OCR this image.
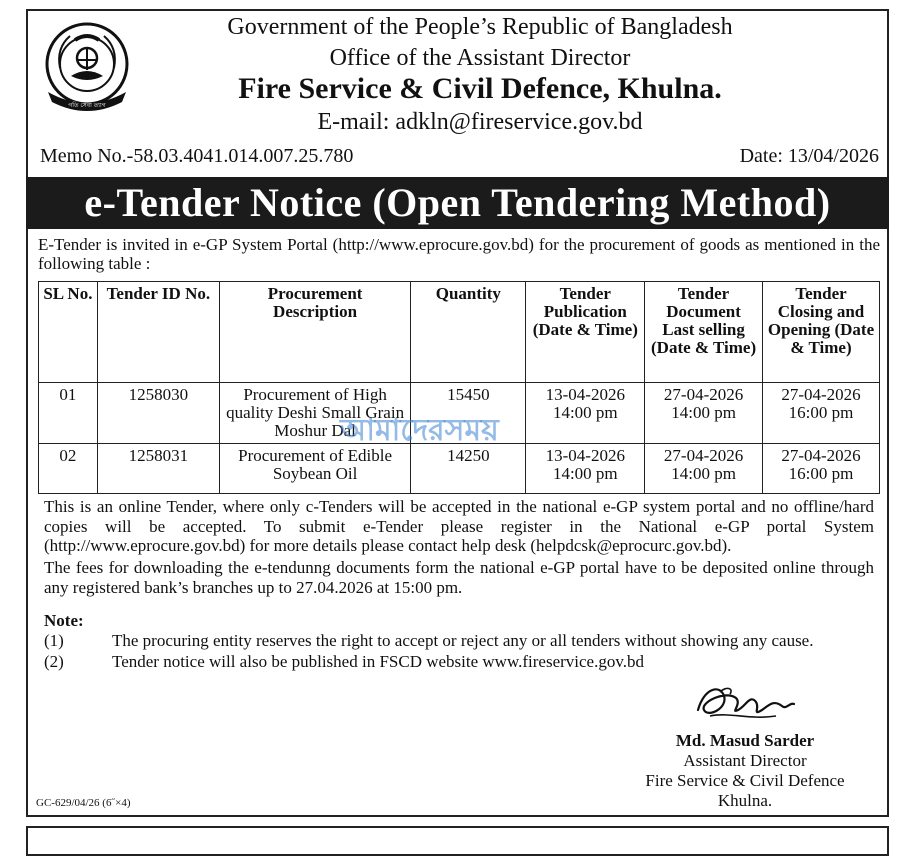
গতি সেবা ত্যাগ
Government of the People’s Republic of Bangladesh
Office of the Assistant Director
Fire Service & Civil Defence, Khulna.
E-mail: adkln@fireservice.gov.bd
Memo No.-58.03.4041.014.007.25.780	Date: 13/04/2026
e-Tender Notice (Open Tendering Method)
E-Tender is invited in e-GP System Portal (http://www.eprocure.gov.bd) for the procurement of goods as mentioned in the following table :
SL No.	Tender ID No.	Procurement Description	Quantity	Tender Publication (Date & Time)	Tender Document Last selling (Date & Time)	Tender Closing and Opening (Date & Time)
01	1258030	Procurement of High quality Deshi Small Grain Moshur Dal	15450	13-04-2026 14:00 pm	27-04-2026 14:00 pm	27-04-2026 16:00 pm
02	1258031	Procurement of Edible Soybean Oil	14250	13-04-2026 14:00 pm	27-04-2026 14:00 pm	27-04-2026 16:00 pm
আমাদেরসময়
This is an online Tender, where only c-Tenders will be accepted in the national e-GP system portal and no offline/hard copies will be accepted. To submit e-Tender please register in the National e-GP portal System (http://www.eprocure.gov.bd) for more details please contact help desk (helpdcsk@eprocurc.gov.bd).
The fees for downloading the e-tendunng documents form the national e-GP portal have to be deposited online through any registered bank’s branches up to 27.04.2026 at 15:00 pm.
Note:
(1)	The procuring entity reserves the right to accept or reject any or all tenders without showing any cause.
(2)	Tender notice will also be published in FSCD website www.fireservice.gov.bd
Md. Masud Sarder
Assistant Director
Fire Service & Civil Defence
Khulna.
GC-629/04/26 (6˝×4)
